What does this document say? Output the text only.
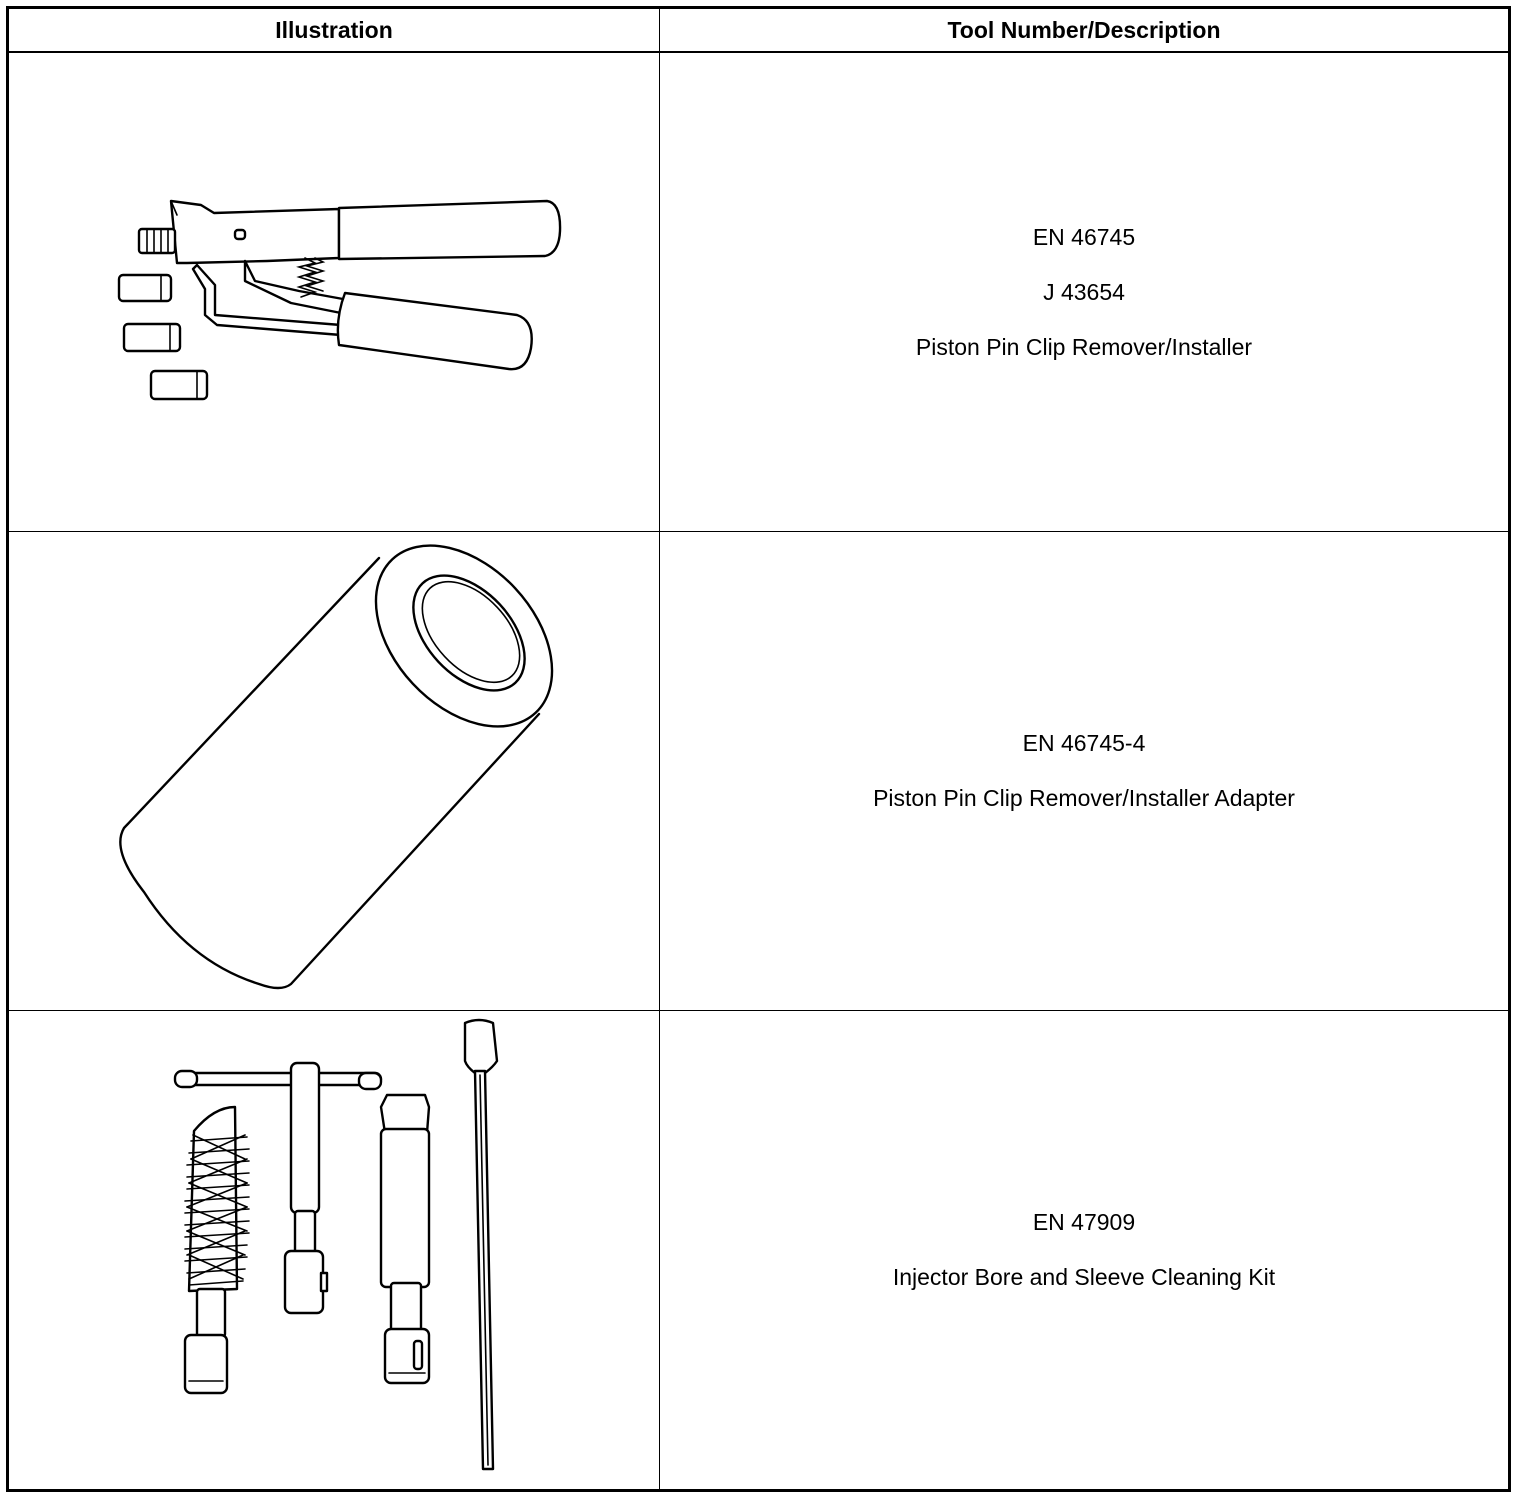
Illustration	Tool Number/Description

EN 46745
J 43654
Piston Pin Clip Remover/Installer

EN 46745-4
Piston Pin Clip Remover/Installer Adapter

EN 47909
Injector Bore and Sleeve Cleaning Kit
